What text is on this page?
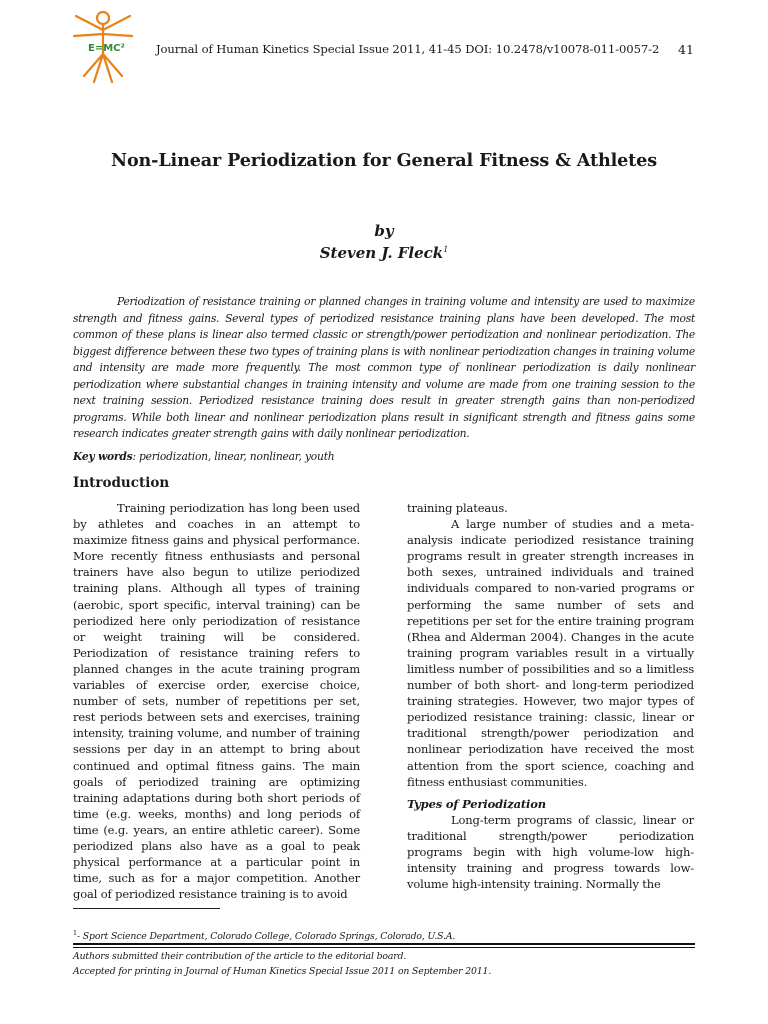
E=MC²	Journal of Human Kinetics Special Issue 2011, 41-45 DOI: 10.2478/v10078-011-0057-2 41
Non-Linear Periodization for General Fitness & Athletes
by
Steven J. Fleck$^1$
Periodization of resistance training or planned changes in training volume and intensity are used to maximize strength and fitness gains. Several types of periodized resistance training plans have been developed. The most common of these plans is linear also termed classic or strength/power periodization and nonlinear periodization. The biggest difference between these two types of training plans is with nonlinear periodization changes in training volume and intensity are made more frequently. The most common type of nonlinear periodization is daily nonlinear periodization where substantial changes in training intensity and volume are made from one training session to the next training session. Periodized resistance training does result in greater strength gains than non-periodized programs. While both linear and nonlinear periodization plans result in significant strength and fitness gains some research indicates greater strength gains with daily nonlinear periodization.
Key words: periodization, linear, nonlinear, youth
Introduction

Training periodization has long been used by athletes and coaches in an attempt to maximize fitness gains and physical performance. More recently fitness enthusiasts and personal trainers have also begun to utilize periodized training plans. Although all types of training (aerobic, sport specific, interval training) can be periodized here only periodization of resistance or weight training will be considered. Periodization of resistance training refers to planned changes in the acute training program variables of exercise order, exercise choice, number of sets, number of repetitions per set, rest periods between sets and exercises, training intensity, training volume, and number of training sessions per day in an attempt to bring about continued and optimal fitness gains. The main goals of periodized training are optimizing training adaptations during both short periods of time (e.g. weeks, months) and long periods of time (e.g. years, an entire athletic career). Some periodized plans also have as a goal to peak physical performance at a particular point in time, such as for a major competition. Another goal of periodized resistance training is to avoid

training plateaus.

A large number of studies and a meta-analysis indicate periodized resistance training programs result in greater strength increases in both sexes, untrained individuals and trained individuals compared to non-varied programs or performing the same number of sets and repetitions per set for the entire training program (Rhea and Alderman 2004). Changes in the acute training program variables result in a virtually limitless number of possibilities and so a limitless number of both short- and long-term periodized training strategies. However, two major types of periodized resistance training: classic, linear or traditional strength/power periodization and nonlinear periodization have received the most attention from the sport science, coaching and fitness enthusiast communities.

Types of Periodization

Long-term programs of classic, linear or traditional strength/power periodization programs begin with high volume-low high-intensity training and progress towards low-volume high-intensity training. Normally the

$^1$- Sport Science Department, Colorado College, Colorado Springs, Colorado, U.S.A.
Authors submitted their contribution of the article to the editorial board.
Accepted for printing in Journal of Human Kinetics Special Issue 2011 on September 2011.
